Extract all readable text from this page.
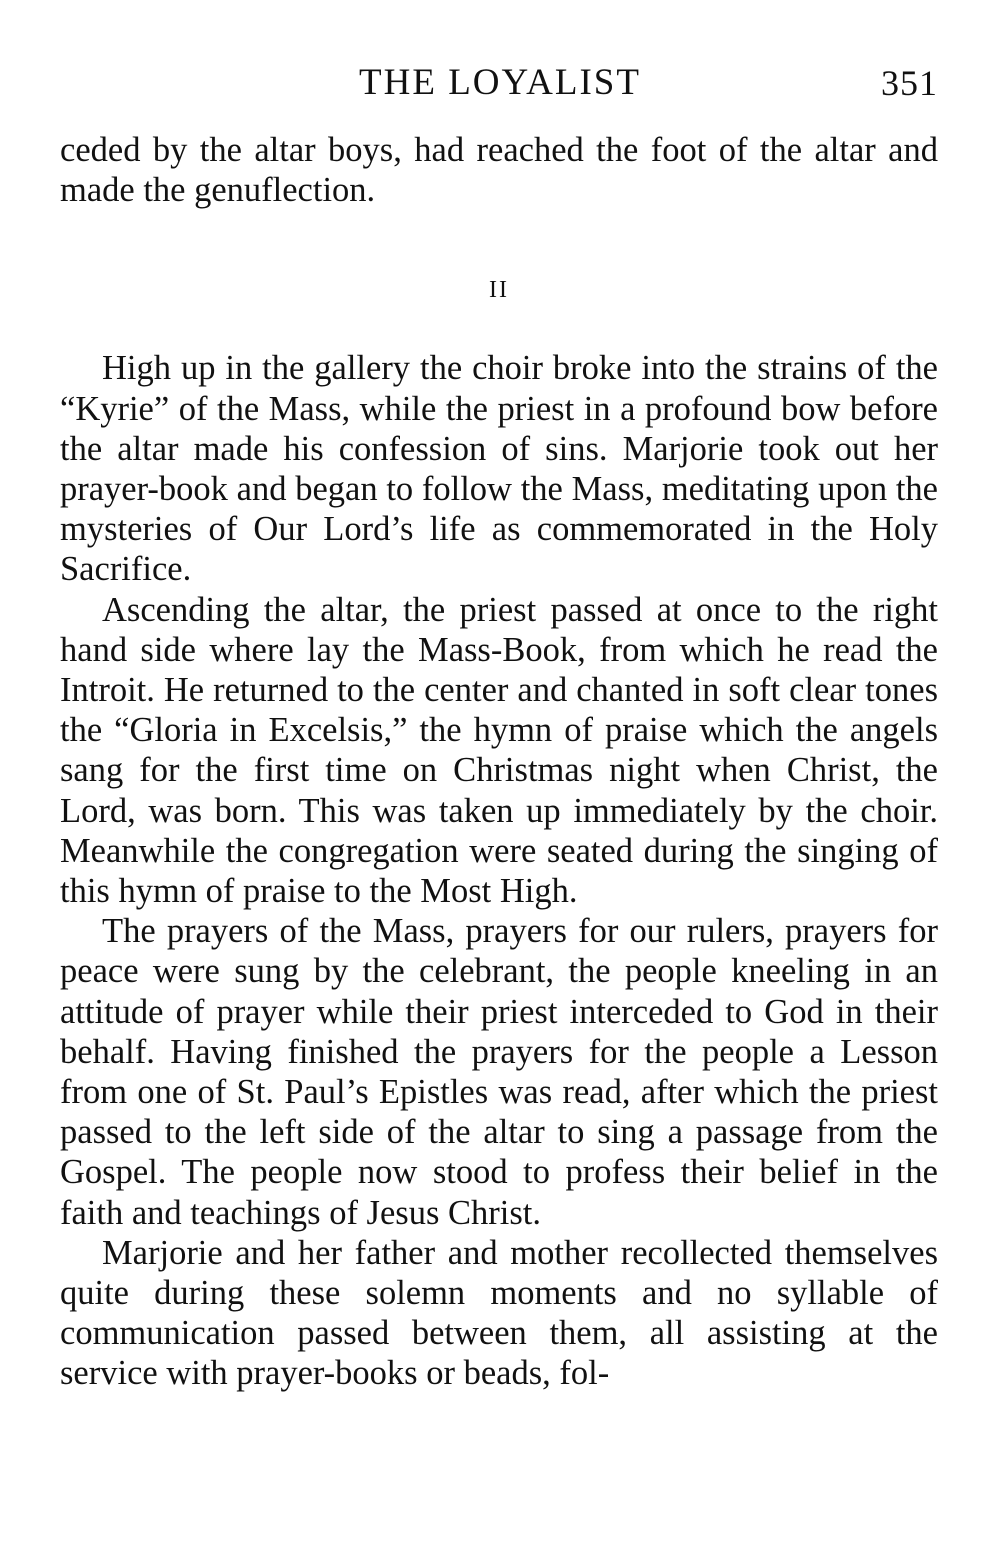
THE LOYALIST	351

ceded by the altar boys, had reached the foot of the altar and made the genuflection.

II

High up in the gallery the choir broke into the strains of the “Kyrie” of the Mass, while the priest in a profound bow before the altar made his confession of sins. Marjorie took out her prayer-book and began to follow the Mass, meditating upon the mysteries of Our Lord’s life as commemorated in the Holy Sacrifice.

Ascending the altar, the priest passed at once to the right hand side where lay the Mass-Book, from which he read the Introit. He returned to the center and chanted in soft clear tones the “Gloria in Excelsis,” the hymn of praise which the angels sang for the first time on Christmas night when Christ, the Lord, was born. This was taken up immediately by the choir. Meanwhile the congregation were seated during the singing of this hymn of praise to the Most High.

The prayers of the Mass, prayers for our rulers, prayers for peace were sung by the celebrant, the people kneeling in an attitude of prayer while their priest interceded to God in their behalf. Having finished the prayers for the people a Lesson from one of St. Paul’s Epistles was read, after which the priest passed to the left side of the altar to sing a passage from the Gospel. The people now stood to profess their belief in the faith and teachings of Jesus Christ.

Marjorie and her father and mother recollected themselves quite during these solemn moments and no syllable of communication passed between them, all assisting at the service with prayer-books or beads, fol-
